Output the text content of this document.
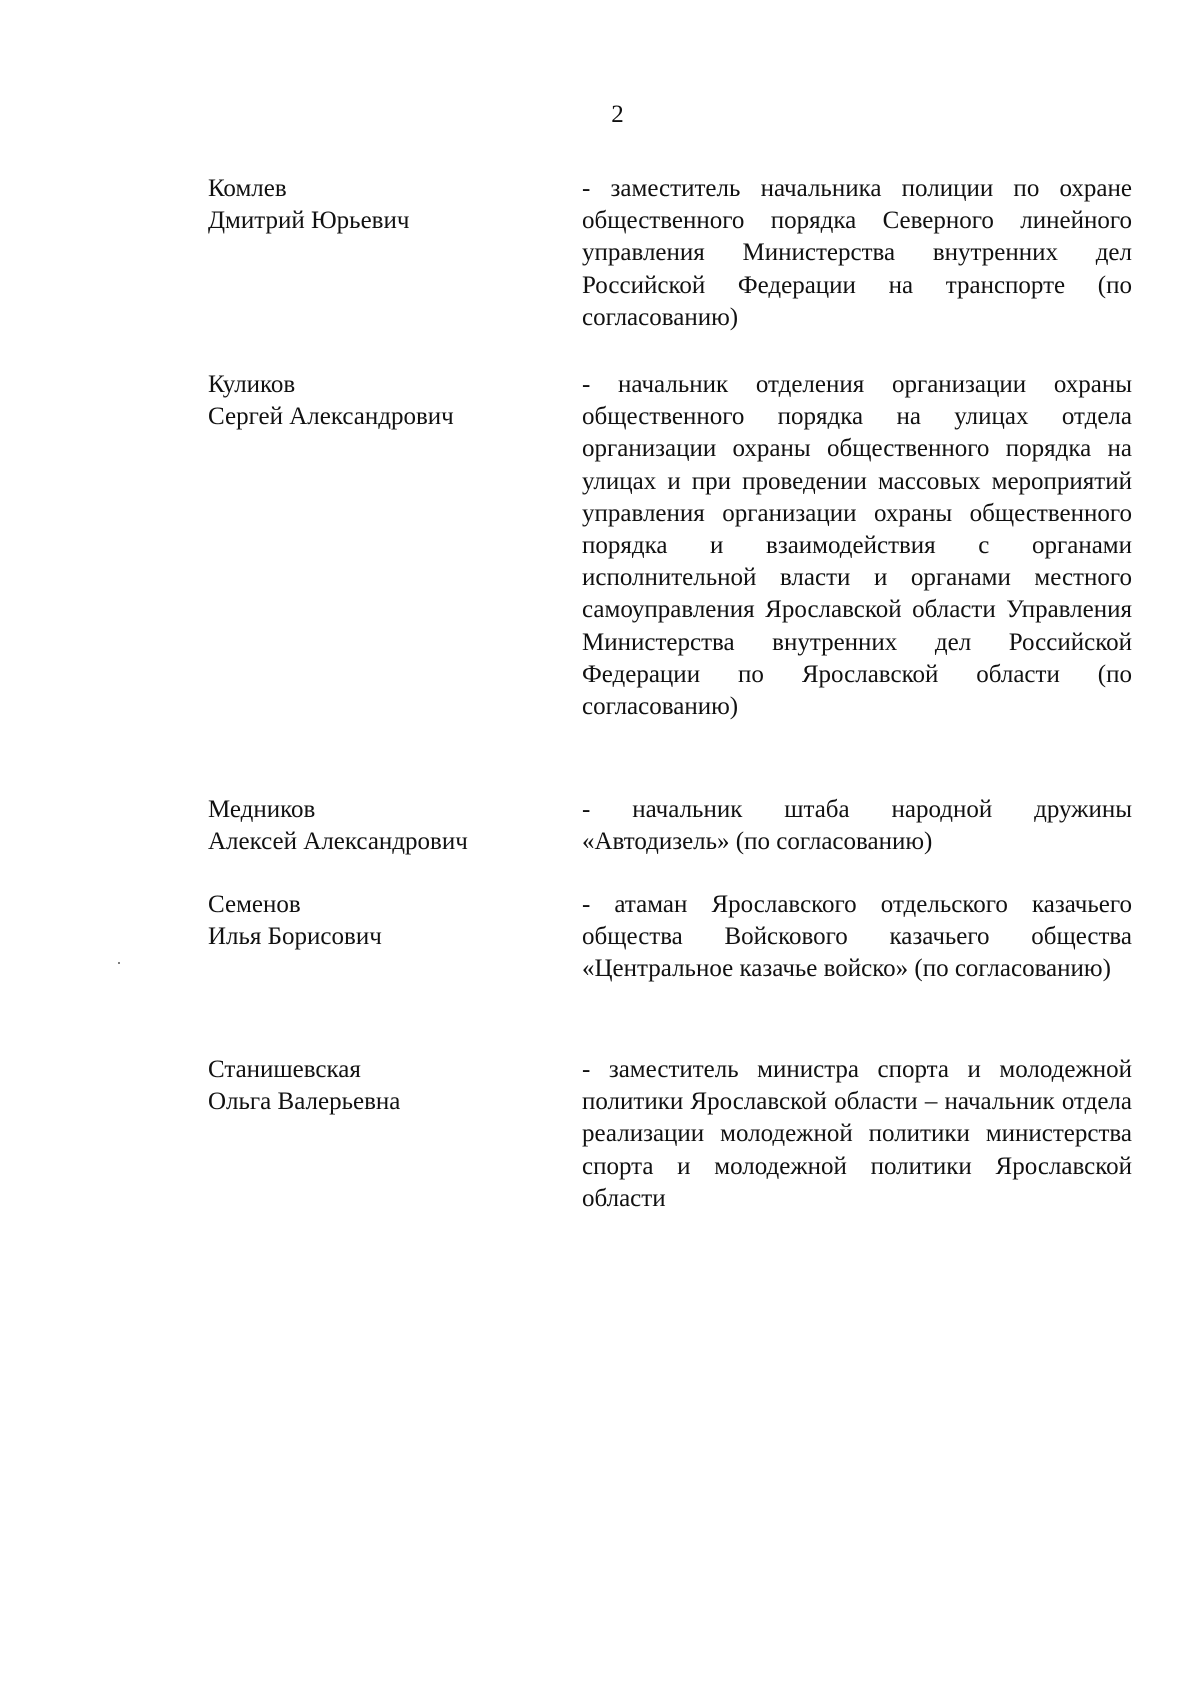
2
Комлев
Дмитрий Юрьевич
- заместитель начальника полиции по охране общественного порядка Северного линейного управления Министерства внутренних дел Российской Федерации на транспорте (по согласованию)
Куликов
Сергей Александрович
- начальник отделения организации охраны общественного порядка на улицах отдела организации охраны общественного порядка на улицах и при проведении массовых мероприятий управления организации охраны общественного порядка и взаимодействия с органами исполнительной власти и органами местного самоуправления Ярославской области Управления Министерства внутренних дел Российской Федерации по Ярославской области (по согласованию)
Медников
Алексей Александрович
- начальник штаба народной дружины «Автодизель» (по согласованию)
Семенов
Илья Борисович
- атаман Ярославского отдельского казачьего общества Войскового казачьего общества «Центральное казачье войско» (по согласованию)
Станишевская
Ольга Валерьевна
- заместитель министра спорта и молодежной политики Ярославской области – начальник отдела реализации молодежной политики министерства спорта и молодежной политики Ярославской области
